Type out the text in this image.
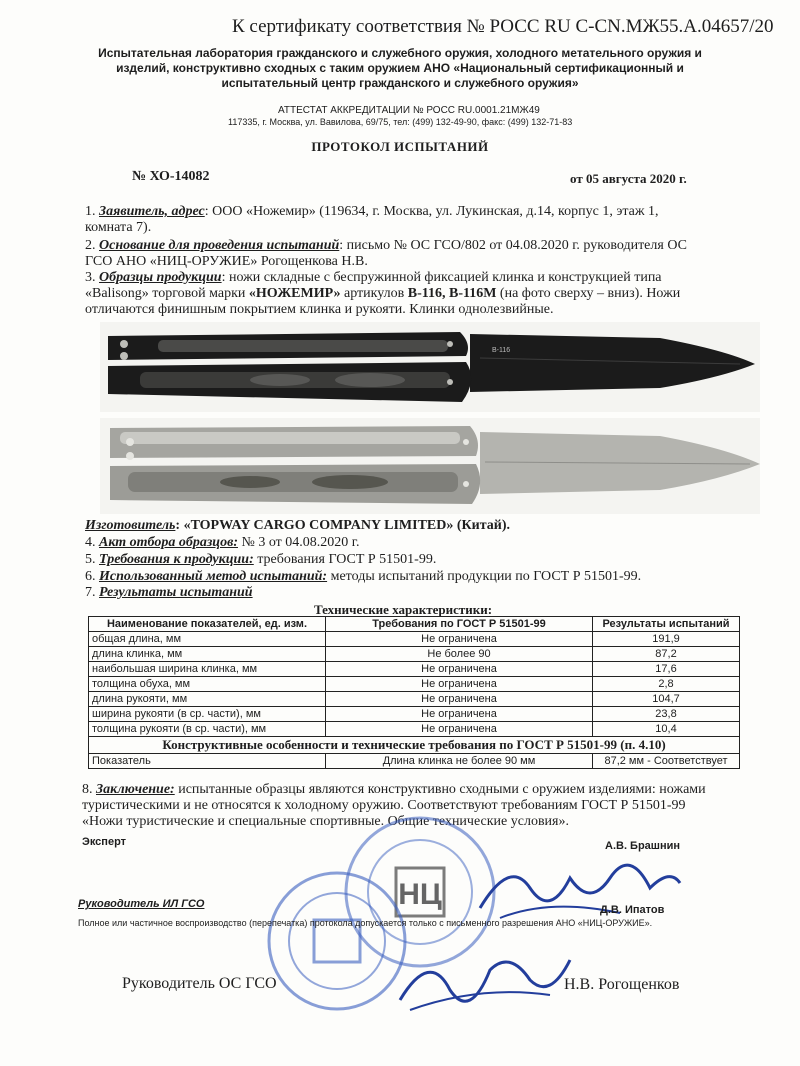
К сертификату соответствия № РОСС RU C-CN.МЖ55.А.04657/20
Испытательная лаборатория гражданского и служебного оружия, холодного метательного оружия и
изделий, конструктивно сходных с таким оружием АНО «Национальный сертификационный и
испытательный центр гражданского и служебного оружия»
АТТЕСТАТ АККРЕДИТАЦИИ № РОСС RU.0001.21МЖ49
117335, г. Москва, ул. Вавилова, 69/75, тел: (499) 132-49-90, факс: (499) 132-71-83
ПРОТОКОЛ ИСПЫТАНИЙ
№ ХО-14082	от 05 августа 2020 г.
1. Заявитель, адрес: ООО «Ножемир» (119634, г. Москва, ул. Лукинская, д.14, корпус 1, этаж 1,
комната 7).
2. Основание для проведения испытаний: письмо № ОС ГСО/802 от 04.08.2020 г. руководителя ОС
ГСО АНО «НИЦ-ОРУЖИЕ» Рогощенкова Н.В.
3. Образцы продукции: ножи складные с беспружинной фиксацией клинка и конструкцией типа
«Balisong» торговой марки «НОЖЕМИР» артикулов В-116, В-116М (на фото сверху – вниз). Ножи
отличаются финишным покрытием клинка и рукояти. Клинки однолезвийные.
В-116
Изготовитель: «TOPWAY CARGO COMPANY LIMITED» (Китай).
4. Акт отбора образцов: № 3 от 04.08.2020 г.
5. Требования к продукции: требования ГОСТ Р 51501-99.
6. Использованный метод испытаний: методы испытаний продукции по ГОСТ Р 51501-99.
7. Результаты испытаний
Технические характеристики:
Наименование показателей, ед. изм.	Требования по ГОСТ Р 51501-99	Результаты испытаний
общая длина, мм	Не ограничена	191,9
длина клинка, мм	Не более 90	87,2
наибольшая ширина клинка, мм	Не ограничена	17,6
толщина обуха, мм	Не ограничена	2,8
длина рукояти, мм	Не ограничена	104,7
ширина рукояти (в ср. части), мм	Не ограничена	23,8
толщина рукояти (в ср. части), мм	Не ограничена	10,4
Конструктивные особенности и технические требования по ГОСТ Р 51501-99 (п. 4.10)		
Показатель	Длина клинка не более 90 мм	87,2 мм - Соответствует
8. Заключение: испытанные образцы являются конструктивно сходными с оружием изделиями: ножами
туристическими и не относятся к холодному оружию. Соответствуют требованиям ГОСТ Р 51501-99
«Ножи туристические и специальные спортивные. Общие технические условия».
НЦ
Эксперт	А.В. Брашнин
Руководитель ИЛ ГСО	Д.В. Ипатов
Полное или частичное воспроизводство (перепечатка) протокола допускается только с письменного разрешения АНО «НИЦ-ОРУЖИЕ».
Руководитель ОС ГСО	Н.В. Рогощенков
